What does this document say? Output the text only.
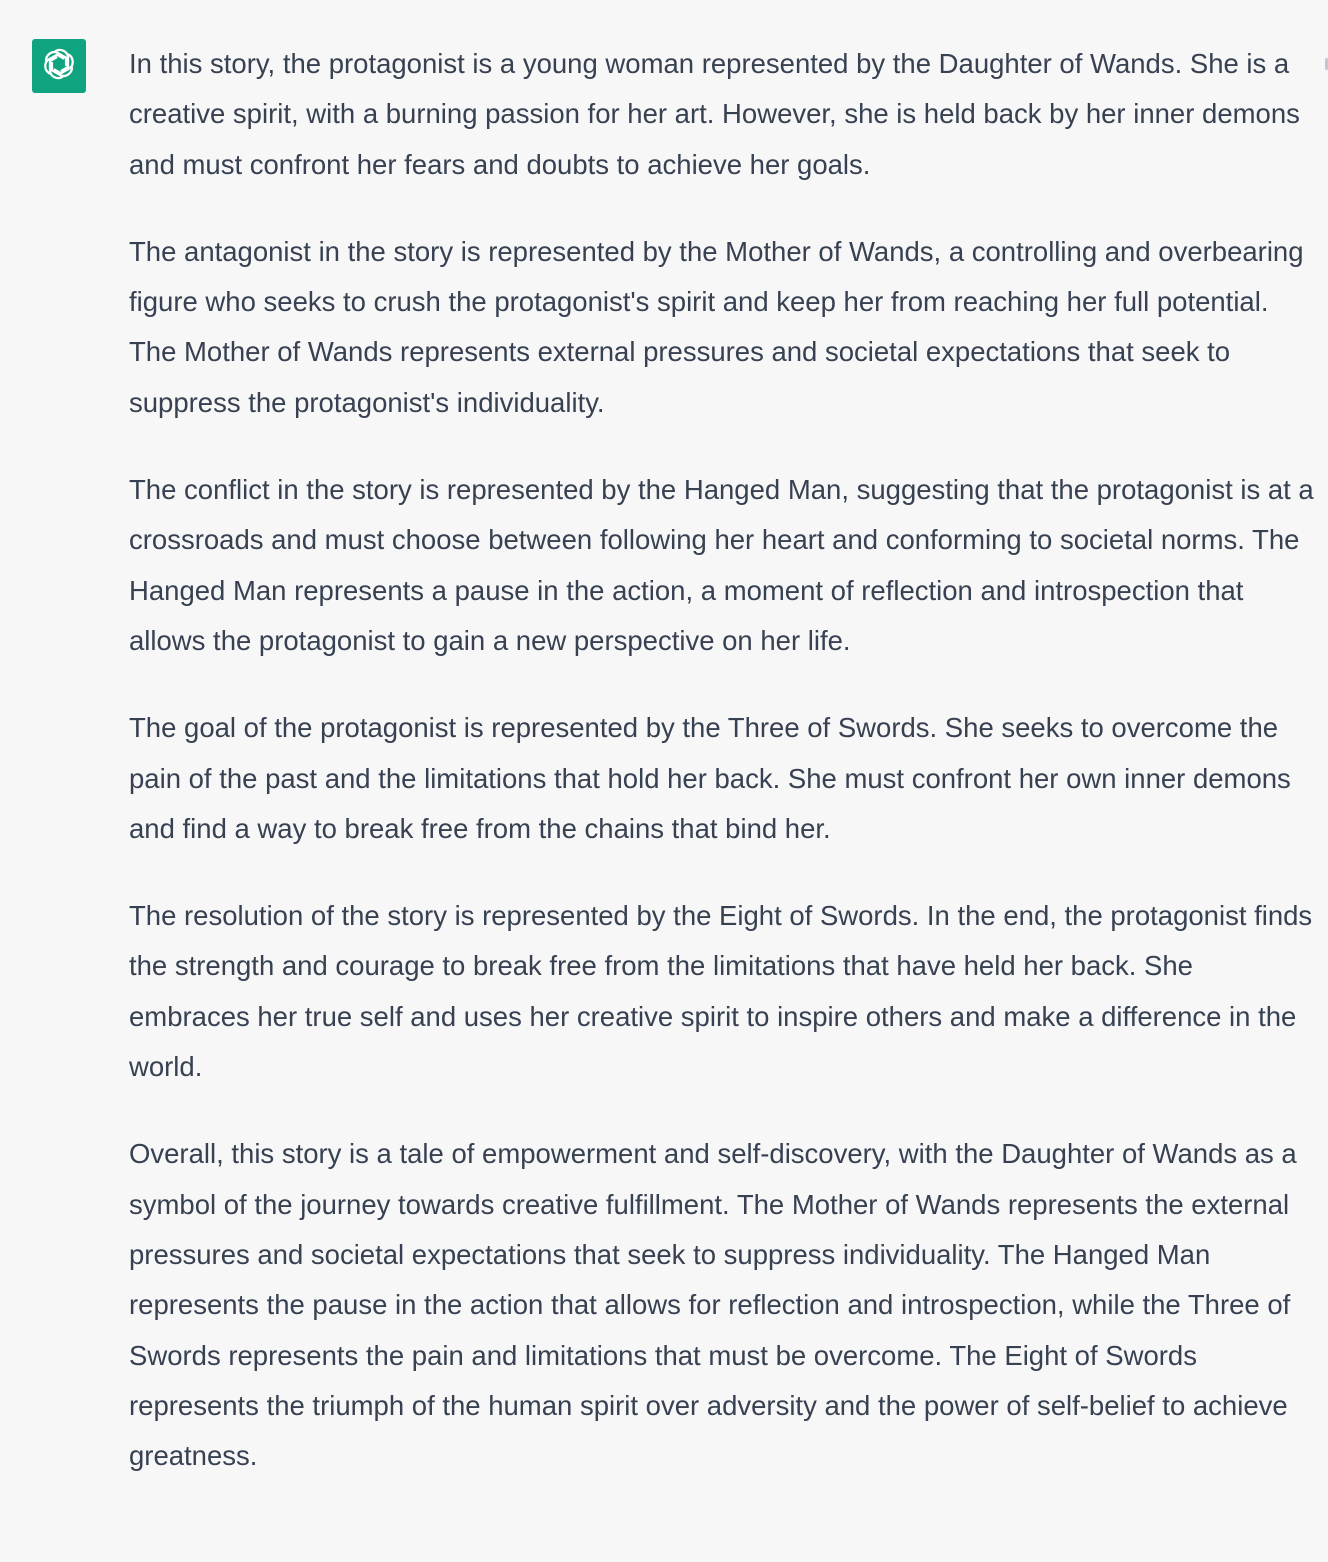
In this story, the protagonist is a young woman represented by the Daughter of Wands. She is a creative spirit, with a burning passion for her art. However, she is held back by her inner demons and must confront her fears and doubts to achieve her goals.

The antagonist in the story is represented by the Mother of Wands, a controlling and overbearing figure who seeks to crush the protagonist's spirit and keep her from reaching her full potential. The Mother of Wands represents external pressures and societal expectations that seek to suppress the protagonist's individuality.

The conflict in the story is represented by the Hanged Man, suggesting that the protagonist is at a crossroads and must choose between following her heart and conforming to societal norms. The Hanged Man represents a pause in the action, a moment of reflection and introspection that allows the protagonist to gain a new perspective on her life.

The goal of the protagonist is represented by the Three of Swords. She seeks to overcome the pain of the past and the limitations that hold her back. She must confront her own inner demons and find a way to break free from the chains that bind her.

The resolution of the story is represented by the Eight of Swords. In the end, the protagonist finds the strength and courage to break free from the limitations that have held her back. She embraces her true self and uses her creative spirit to inspire others and make a difference in the world.

Overall, this story is a tale of empowerment and self-discovery, with the Daughter of Wands as a symbol of the journey towards creative fulfillment. The Mother of Wands represents the external pressures and societal expectations that seek to suppress individuality. The Hanged Man represents the pause in the action that allows for reflection and introspection, while the Three of Swords represents the pain and limitations that must be overcome. The Eight of Swords represents the triumph of the human spirit over adversity and the power of self-belief to achieve greatness.
